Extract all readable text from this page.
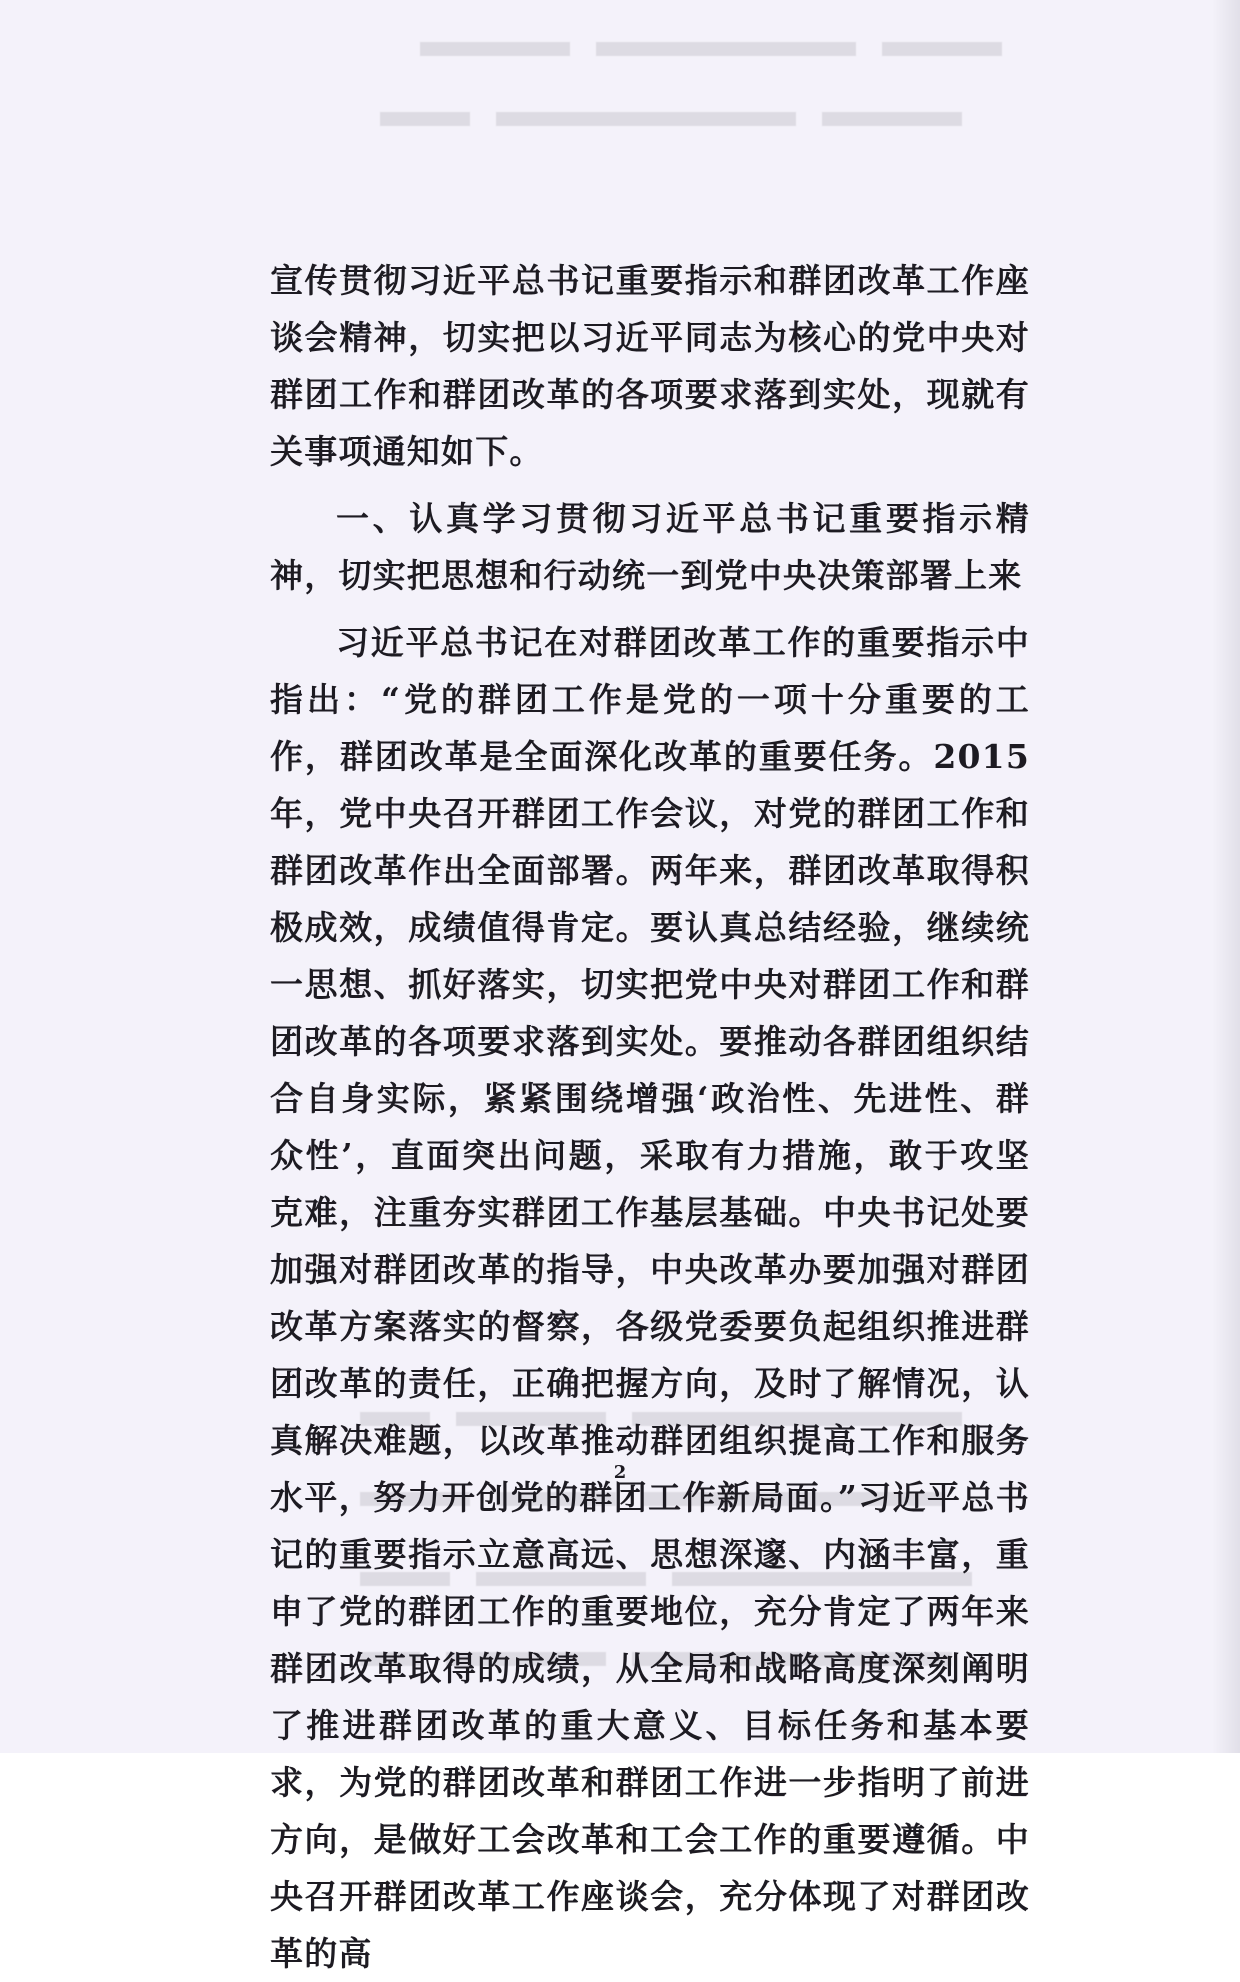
宣传贯彻习近平总书记重要指示和群团改革工作座谈会精神，切实把以习近平同志为核心的党中央对群团工作和群团改革的各项要求落到实处，现就有关事项通知如下。

一、认真学习贯彻习近平总书记重要指示精神，切实把思想和行动统一到党中央决策部署上来

习近平总书记在对群团改革工作的重要指示中指出：“党的群团工作是党的一项十分重要的工作，群团改革是全面深化改革的重要任务。2015年，党中央召开群团工作会议，对党的群团工作和群团改革作出全面部署。两年来，群团改革取得积极成效，成绩值得肯定。要认真总结经验，继续统一思想、抓好落实，切实把党中央对群团工作和群团改革的各项要求落到实处。要推动各群团组织结合自身实际，紧紧围绕增强‘政治性、先进性、群众性’，直面突出问题，采取有力措施，敢于攻坚克难，注重夯实群团工作基层基础。中央书记处要加强对群团改革的指导，中央改革办要加强对群团改革方案落实的督察，各级党委要负起组织推进群团改革的责任，正确把握方向，及时了解情况，认真解决难题，以改革推动群团组织提高工作和服务水平，努力开创党的群团工作新局面。”习近平总书记的重要指示立意高远、思想深邃、内涵丰富，重申了党的群团工作的重要地位，充分肯定了两年来群团改革取得的成绩，从全局和战略高度深刻阐明了推进群团改革的重大意义、目标任务和基本要求，为党的群团改革和群团工作进一步指明了前进方向，是做好工会改革和工会工作的重要遵循。中央召开群团改革工作座谈会，充分体现了对群团改革的高

2
